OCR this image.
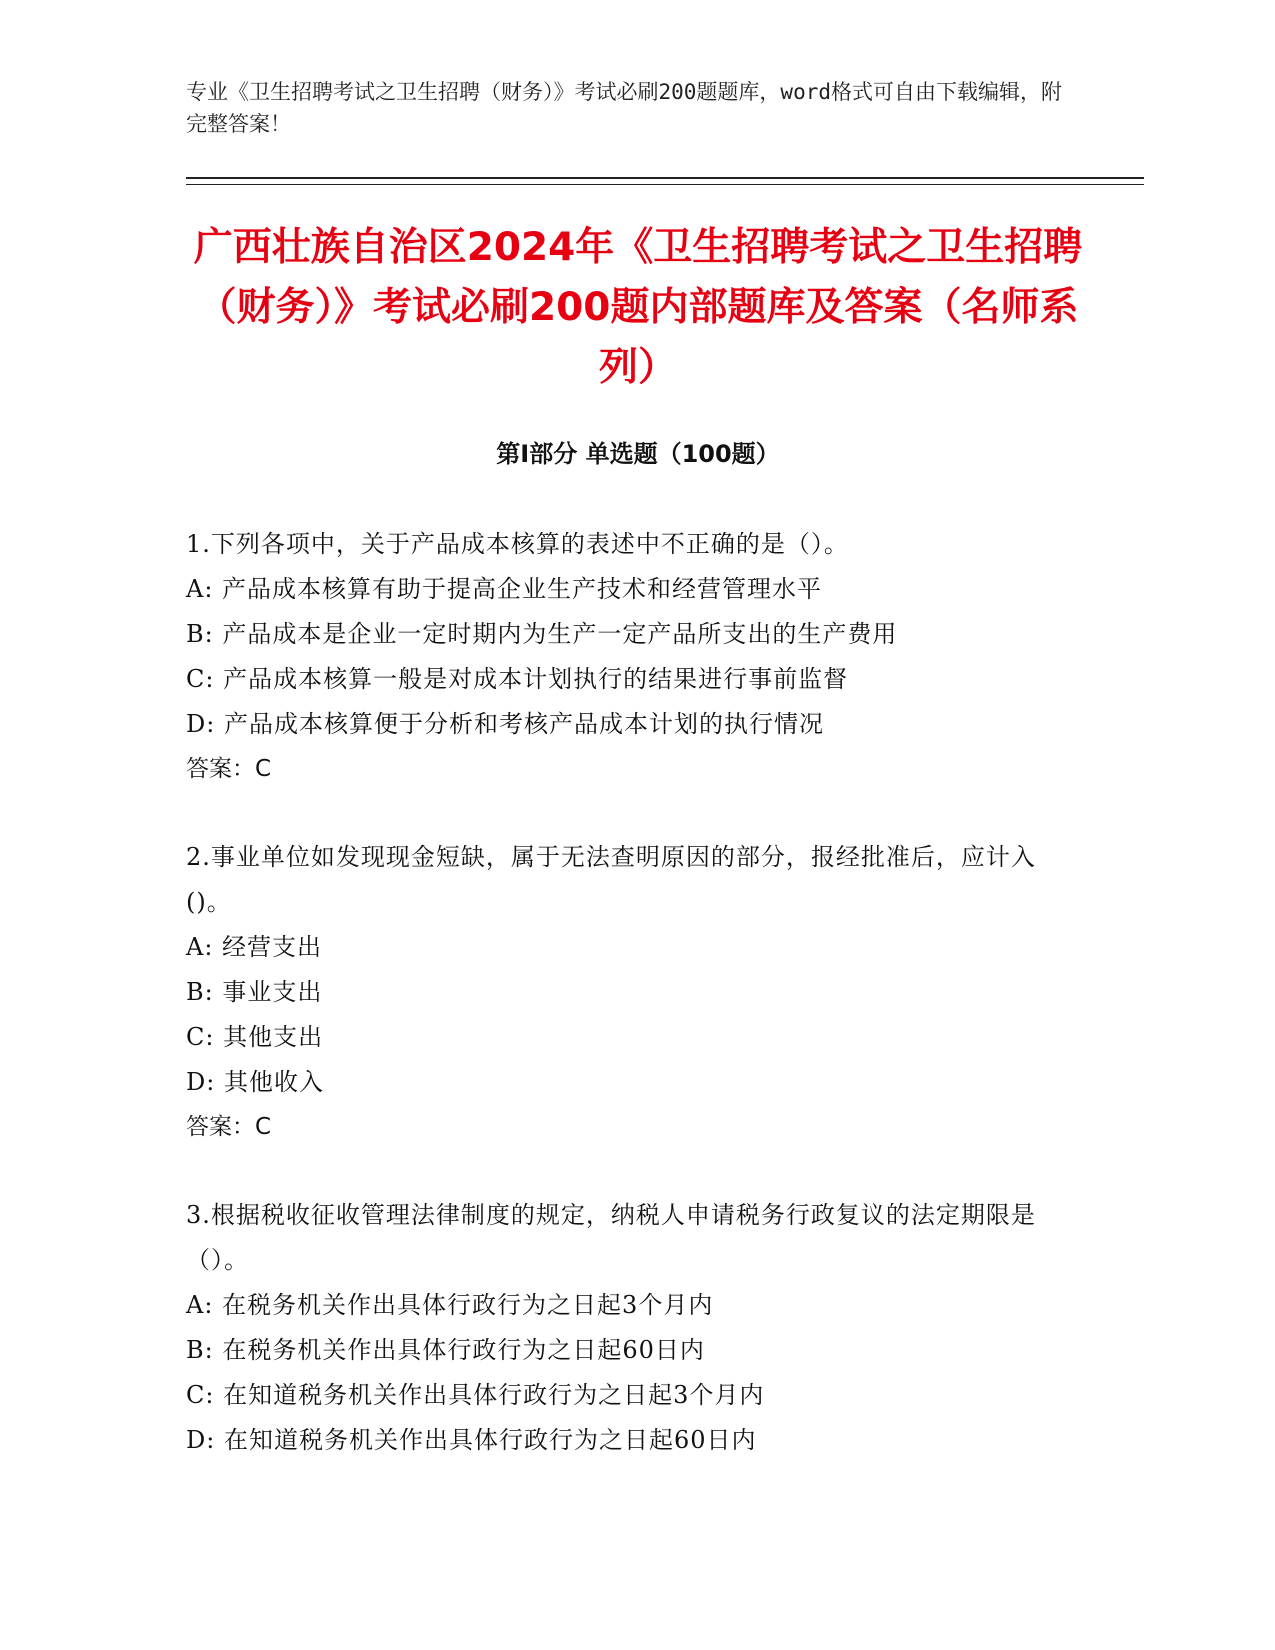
专业《卫生招聘考试之卫生招聘（财务）》考试必刷200题题库，word格式可自由下载编辑，附完整答案！
广西壮族自治区2024年《卫生招聘考试之卫生招聘（财务）》考试必刷200题内部题库及答案（名师系列）
第Ⅰ部分 单选题（100题）
1.下列各项中，关于产品成本核算的表述中不正确的是（）。
A: 产品成本核算有助于提高企业生产技术和经营管理水平
B: 产品成本是企业一定时期内为生产一定产品所支出的生产费用
C: 产品成本核算一般是对成本计划执行的结果进行事前监督
D: 产品成本核算便于分析和考核产品成本计划的执行情况
答案：C
2.事业单位如发现现金短缺，属于无法查明原因的部分，报经批准后，应计入()。
A: 经营支出
B: 事业支出
C: 其他支出
D: 其他收入
答案：C
3.根据税收征收管理法律制度的规定，纳税人申请税务行政复议的法定期限是（）。
A: 在税务机关作出具体行政行为之日起3个月内
B: 在税务机关作出具体行政行为之日起60日内
C: 在知道税务机关作出具体行政行为之日起3个月内
D: 在知道税务机关作出具体行政行为之日起60日内
